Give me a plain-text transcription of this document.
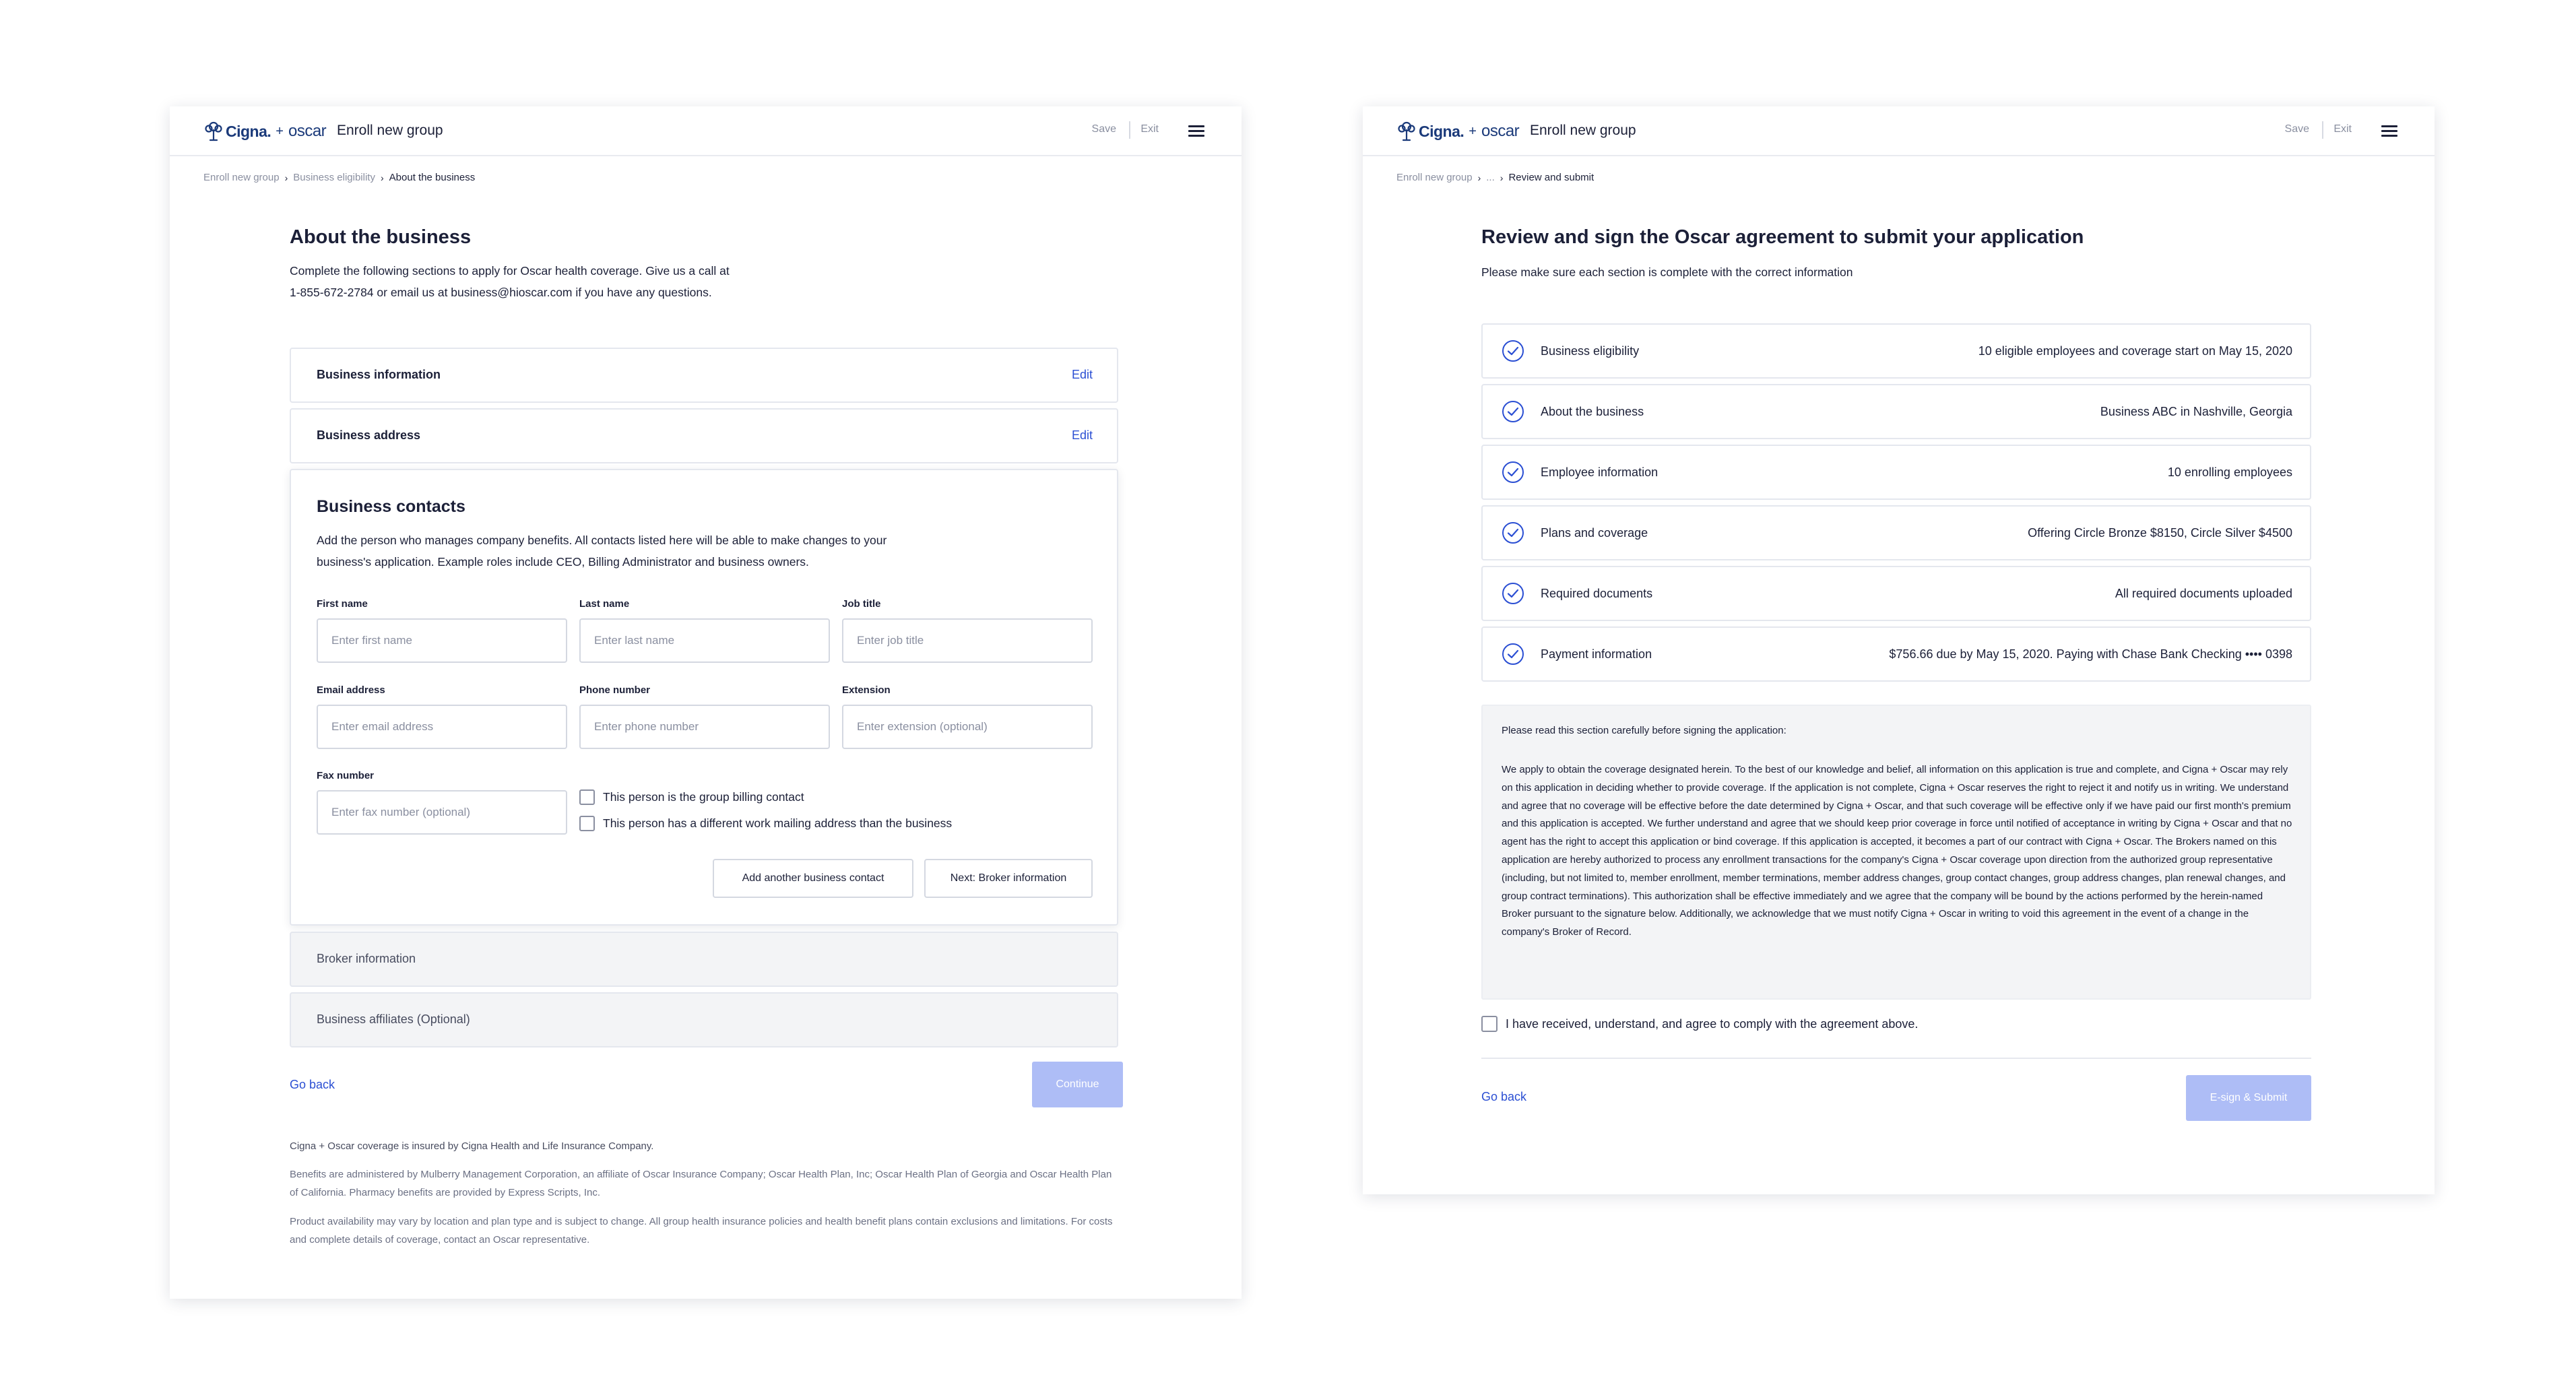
Cigna. + oscar Enroll new group	Save Exit
Enroll new group › Business eligibility › About the business
About the business
Complete the following sections to apply for Oscar health coverage. Give us a call at
1-855-672-2784 or email us at business@hioscar.com if you have any questions.
Business information	Edit
Business address	Edit
Business contacts
Add the person who manages company benefits. All contacts listed here will be able to make changes to your
business's application. Example roles include CEO, Billing Administrator and business owners.
First name
Enter first name
Last name
Enter last name
Job title
Enter job title
Email address
Enter email address
Phone number
Enter phone number
Extension
Enter extension (optional)
Fax number
Enter fax number (optional)
This person is the group billing contact
This person has a different work mailing address than the business
Add another business contact	Next: Broker information
Broker information
Business affiliates (Optional)
Go back	Continue
Cigna + Oscar coverage is insured by Cigna Health and Life Insurance Company.
Benefits are administered by Mulberry Management Corporation, an affiliate of Oscar Insurance Company; Oscar Health Plan, Inc; Oscar Health Plan of Georgia and Oscar Health Plan of California. Pharmacy benefits are provided by Express Scripts, Inc.
Product availability may vary by location and plan type and is subject to change. All group health insurance policies and health benefit plans contain exclusions and limitations. For costs and complete details of coverage, contact an Oscar representative.
Cigna. + oscar Enroll new group	Save Exit
Enroll new group › ... › Review and submit
Review and sign the Oscar agreement to submit your application
Please make sure each section is complete with the correct information
Business eligibility	10 eligible employees and coverage start on May 15, 2020
About the business	Business ABC in Nashville, Georgia
Employee information	10 enrolling employees
Plans and coverage	Offering Circle Bronze $8150, Circle Silver $4500
Required documents	All required documents uploaded
Payment information	$756.66 due by May 15, 2020. Paying with Chase Bank Checking •••• 0398
Please read this section carefully before signing the application:
We apply to obtain the coverage designated herein. To the best of our knowledge and belief, all information on this application is true and complete, and Cigna + Oscar may rely on this application in deciding whether to provide coverage. If the application is not complete, Cigna + Oscar reserves the right to reject it and notify us in writing. We understand and agree that no coverage will be effective before the date determined by Cigna + Oscar, and that such coverage will be effective only if we have paid our first month's premium and this application is accepted. We further understand and agree that we should keep prior coverage in force until notified of acceptance in writing by Cigna + Oscar and that no agent has the right to accept this application or bind coverage. If this application is accepted, it becomes a part of our contract with Cigna + Oscar. The Brokers named on this application are hereby authorized to process any enrollment transactions for the company's Cigna + Oscar coverage upon direction from the authorized group representative (including, but not limited to, member enrollment, member terminations, member address changes, group contact changes, group address changes, plan renewal changes, and group contract terminations). This authorization shall be effective immediately and we agree that the company will be bound by the actions performed by the herein-named Broker pursuant to the signature below. Additionally, we acknowledge that we must notify Cigna + Oscar in writing to void this agreement in the event of a change in the company's Broker of Record.
I have received, understand, and agree to comply with the agreement above.
Go back	E-sign & Submit
